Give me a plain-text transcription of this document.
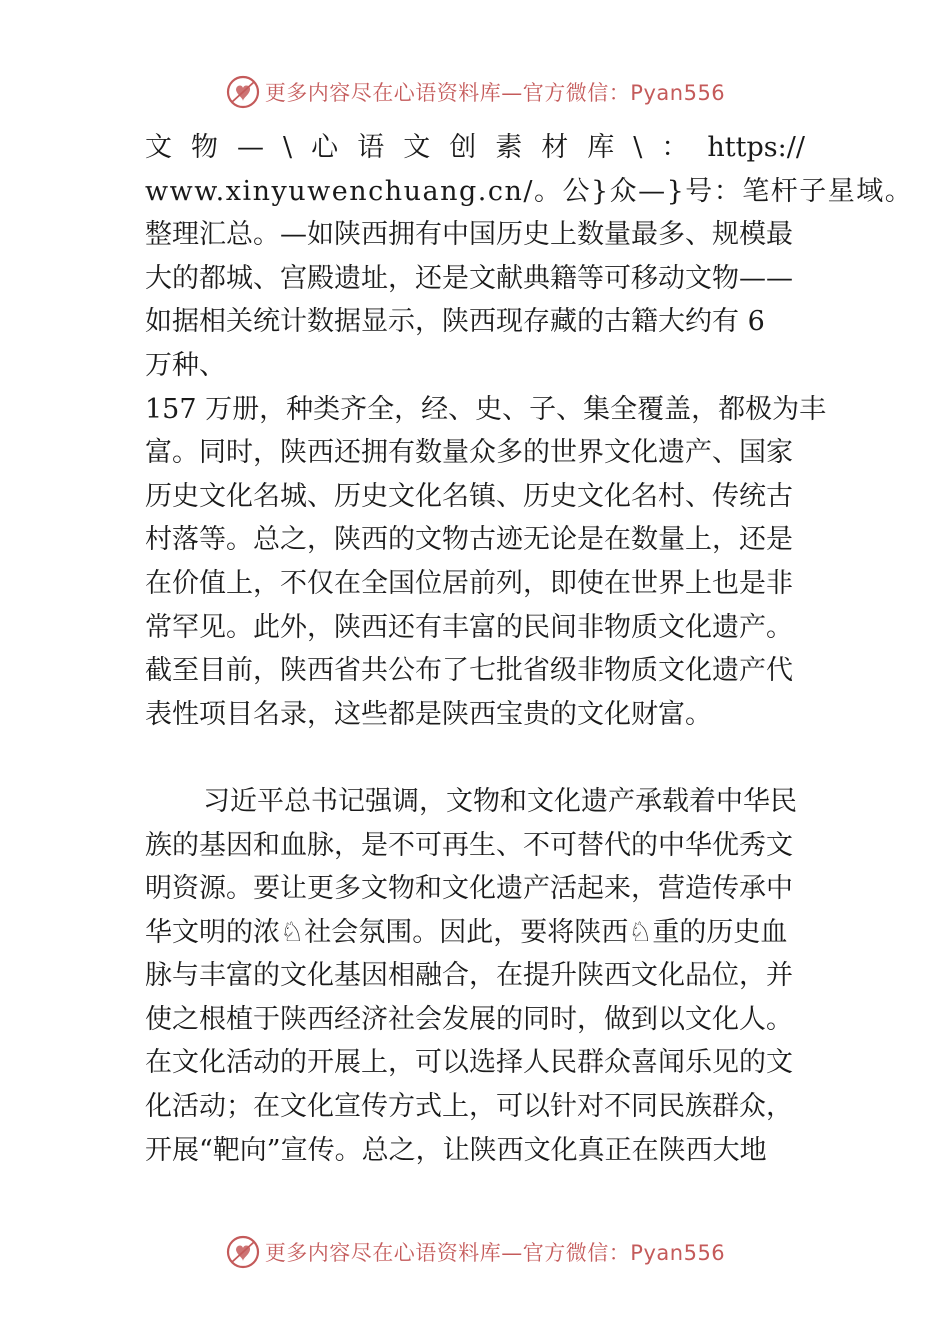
更多内容尽在心语资料库—官方微信：Pyan556
文 物 — \ 心 语 文 创 素 材 库 \ ： https://
www.xinyuwenchuang.cn/。公}众—}号：笔杆子星域。
整理汇总。—如陕西拥有中国历史上数量最多、规模最
大的都城、宫殿遗址，还是文献典籍等可移动文物——
如据相关统计数据显示，陕西现存藏的古籍大约有 6
万种、
157 万册，种类齐全，经、史、子、集全覆盖，都极为丰
富。同时，陕西还拥有数量众多的世界文化遗产、国家
历史文化名城、历史文化名镇、历史文化名村、传统古
村落等。总之，陕西的文物古迹无论是在数量上，还是
在价值上，不仅在全国位居前列，即使在世界上也是非
常罕见。此外，陕西还有丰富的民间非物质文化遗产。
截至目前，陕西省共公布了七批省级非物质文化遗产代
表性项目名录，这些都是陕西宝贵的文化财富。
习近平总书记强调，文物和文化遗产承载着中华民
族的基因和血脉，是不可再生、不可替代的中华优秀文
明资源。要让更多文物和文化遗产活起来，营造传承中
华文明的浓♘社会氛围。因此，要将陕西♘重的历史血
脉与丰富的文化基因相融合，在提升陕西文化品位，并
使之根植于陕西经济社会发展的同时，做到以文化人。
在文化活动的开展上，可以选择人民群众喜闻乐见的文
化活动；在文化宣传方式上，可以针对不同民族群众，
开展“靶向”宣传。总之，让陕西文化真正在陕西大地
更多内容尽在心语资料库—官方微信：Pyan556
